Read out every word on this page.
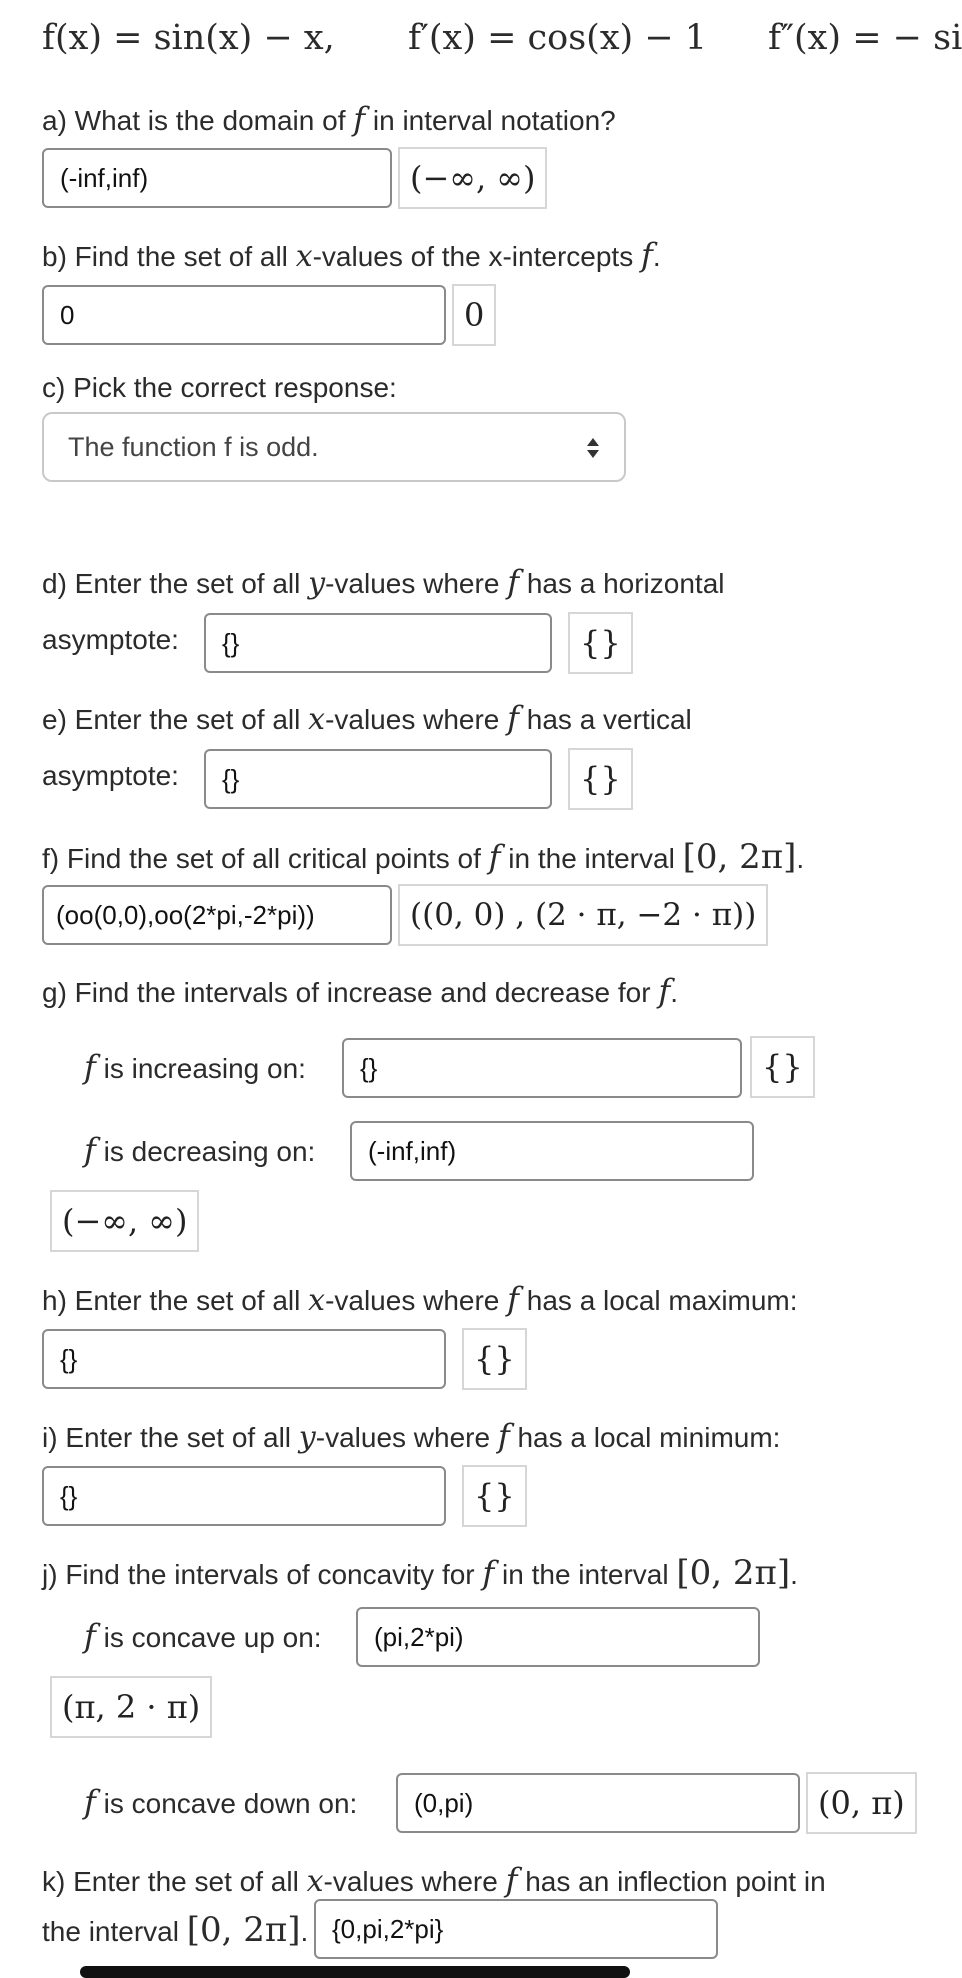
f(x) = sin(x) − x, f′(x) = cos(x) − 1 f″(x) = − si
a) What is the domain of f in interval notation?
(-inf,inf)	(−∞, ∞)
b) Find the set of all x-values of the x-intercepts f.
0	0
c) Pick the correct response:
The function f is odd.
d) Enter the set of all y-values where f has a horizontal
asymptote:	{}	{}
e) Enter the set of all x-values where f has a vertical
asymptote:	{}	{}
f) Find the set of all critical points of f in the interval [0, 2π].
(oo(0,0),oo(2*pi,-2*pi))	((0, 0) , (2 · π, −2 · π))
g) Find the intervals of increase and decrease for f.
f is increasing on:	{}	{}
f is decreasing on:	(-inf,inf)
(−∞, ∞)
h) Enter the set of all x-values where f has a local maximum:
{}	{}
i) Enter the set of all y-values where f has a local minimum:
{}	{}
j) Find the intervals of concavity for f in the interval [0, 2π].
f is concave up on:	(pi,2*pi)
(π, 2 · π)
f is concave down on:	(0,pi)	(0, π)
k) Enter the set of all x-values where f has an inflection point in
the interval [0, 2π]. {0,pi,2*pi}
